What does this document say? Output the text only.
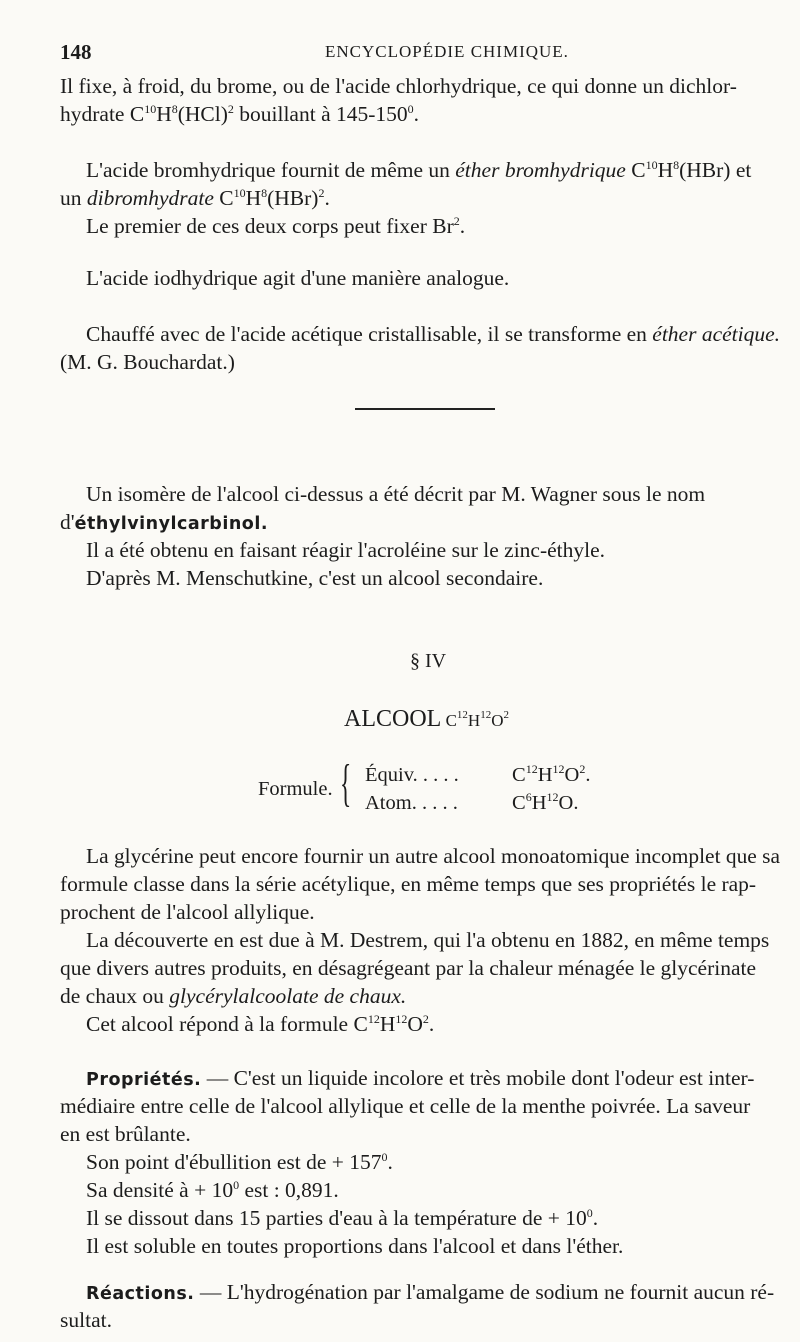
148	ENCYCLOPÉDIE CHIMIQUE.
Il fixe, à froid, du brome, ou de l'acide chlorhydrique, ce qui donne un dichlor-
hydrate $C^{10}H^8(HCl)^2$ bouillant à $145-150^0$.
L'acide bromhydrique fournit de même un éther bromhydrique $C^{10}H^8(HBr)$ et
un dibromhydrate $C^{10}H^8(HBr)^2$.
Le premier de ces deux corps peut fixer Br$^2$.
L'acide iodhydrique agit d'une manière analogue.
Chauffé avec de l'acide acétique cristallisable, il se transforme en éther acétique.
(M. G. Bouchardat.)
Un isomère de l'alcool ci-dessus a été décrit par M. Wagner sous le nom
d'éthylvinylcarbinol.
Il a été obtenu en faisant réagir l'acroléine sur le zinc-éthyle.
D'après M. Menschutkine, c'est un alcool secondaire.
§ IV
ALCOOL $C^{12}H^{12}O^2$
Formule. { Équiv. . . . .	$C^{12}H^{12}O^2$.
Atom. . . . .	$C^6H^{12}O$.
La glycérine peut encore fournir un autre alcool monoatomique incomplet que sa
formule classe dans la série acétylique, en même temps que ses propriétés le rap-
prochent de l'alcool allylique.
La découverte en est due à M. Destrem, qui l'a obtenu en 1882, en même temps
que divers autres produits, en désagrégeant par la chaleur ménagée le glycérinate
de chaux ou glycérylalcoolate de chaux.
Cet alcool répond à la formule $C^{12}H^{12}O^2$.
Propriétés. — C'est un liquide incolore et très mobile dont l'odeur est inter-
médiaire entre celle de l'alcool allylique et celle de la menthe poivrée. La saveur
en est brûlante.
Son point d'ébullition est de + $157^0$.
Sa densité à + $10^0$ est : 0,891.
Il se dissout dans 15 parties d'eau à la température de + $10^0$.
Il est soluble en toutes proportions dans l'alcool et dans l'éther.
Réactions. — L'hydrogénation par l'amalgame de sodium ne fournit aucun ré-
sultat.
